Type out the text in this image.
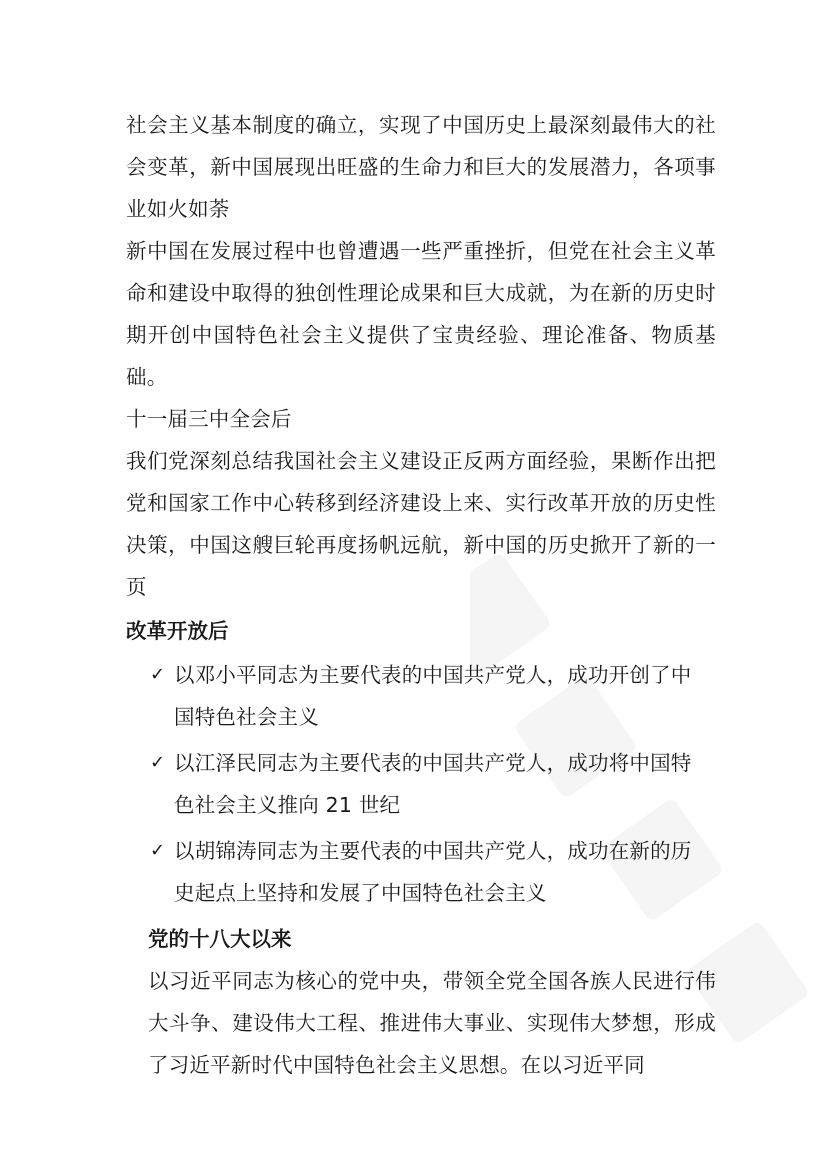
社会主义基本制度的确立，实现了中国历史上最深刻最伟大的社会变革，新中国展现出旺盛的生命力和巨大的发展潜力，各项事业如火如荼

新中国在发展过程中也曾遭遇一些严重挫折，但党在社会主义革命和建设中取得的独创性理论成果和巨大成就，为在新的历史时期开创中国特色社会主义提供了宝贵经验、理论准备、物质基础。

十一届三中全会后

我们党深刻总结我国社会主义建设正反两方面经验，果断作出把党和国家工作中心转移到经济建设上来、实行改革开放的历史性决策，中国这艘巨轮再度扬帆远航，新中国的历史掀开了新的一页

改革开放后
✓ 以邓小平同志为主要代表的中国共产党人，成功开创了中
国特色社会主义
✓ 以江泽民同志为主要代表的中国共产党人，成功将中国特
色社会主义推向 21 世纪
✓ 以胡锦涛同志为主要代表的中国共产党人，成功在新的历
史起点上坚持和发展了中国特色社会主义
党的十八大以来

以习近平同志为核心的党中央，带领全党全国各族人民进行伟大斗争、建设伟大工程、推进伟大事业、实现伟大梦想，形成了习近平新时代中国特色社会主义思想。在以习近平同
